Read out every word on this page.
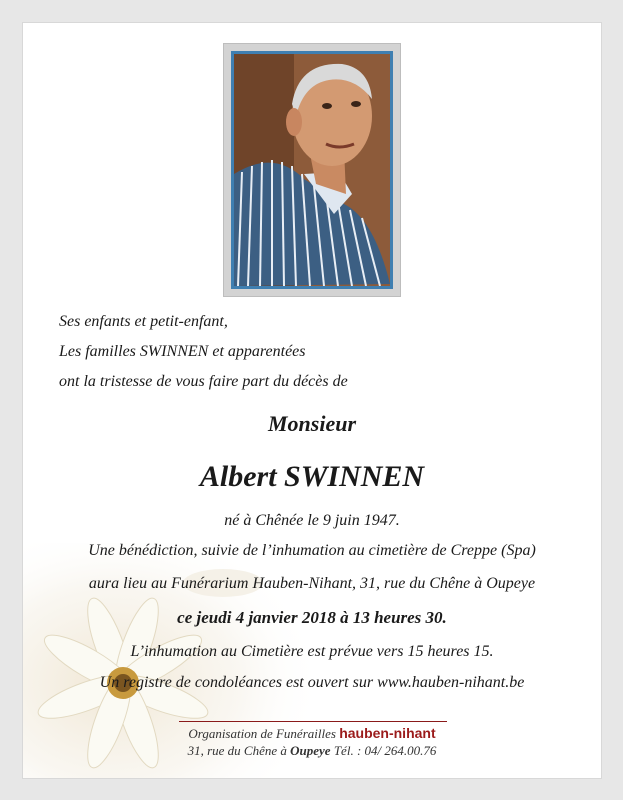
Ses enfants et petit-enfant,
Les familles SWINNEN et apparentées
ont la tristesse de vous faire part du décès de
Monsieur
Albert SWINNEN
né à Chênée le 9 juin 1947.
Une bénédiction, suivie de l’inhumation au cimetière de Creppe (Spa)
aura lieu au Funérarium Hauben-Nihant, 31, rue du Chêne à Oupeye
ce jeudi 4 janvier 2018 à 13 heures 30.
L’inhumation au Cimetière est prévue vers 15 heures 15.
Un registre de condoléances est ouvert sur www.hauben-nihant.be
Organisation de Funérailles hauben-nihant
31, rue du Chêne à Oupeye Tél. : 04/ 264.00.76
